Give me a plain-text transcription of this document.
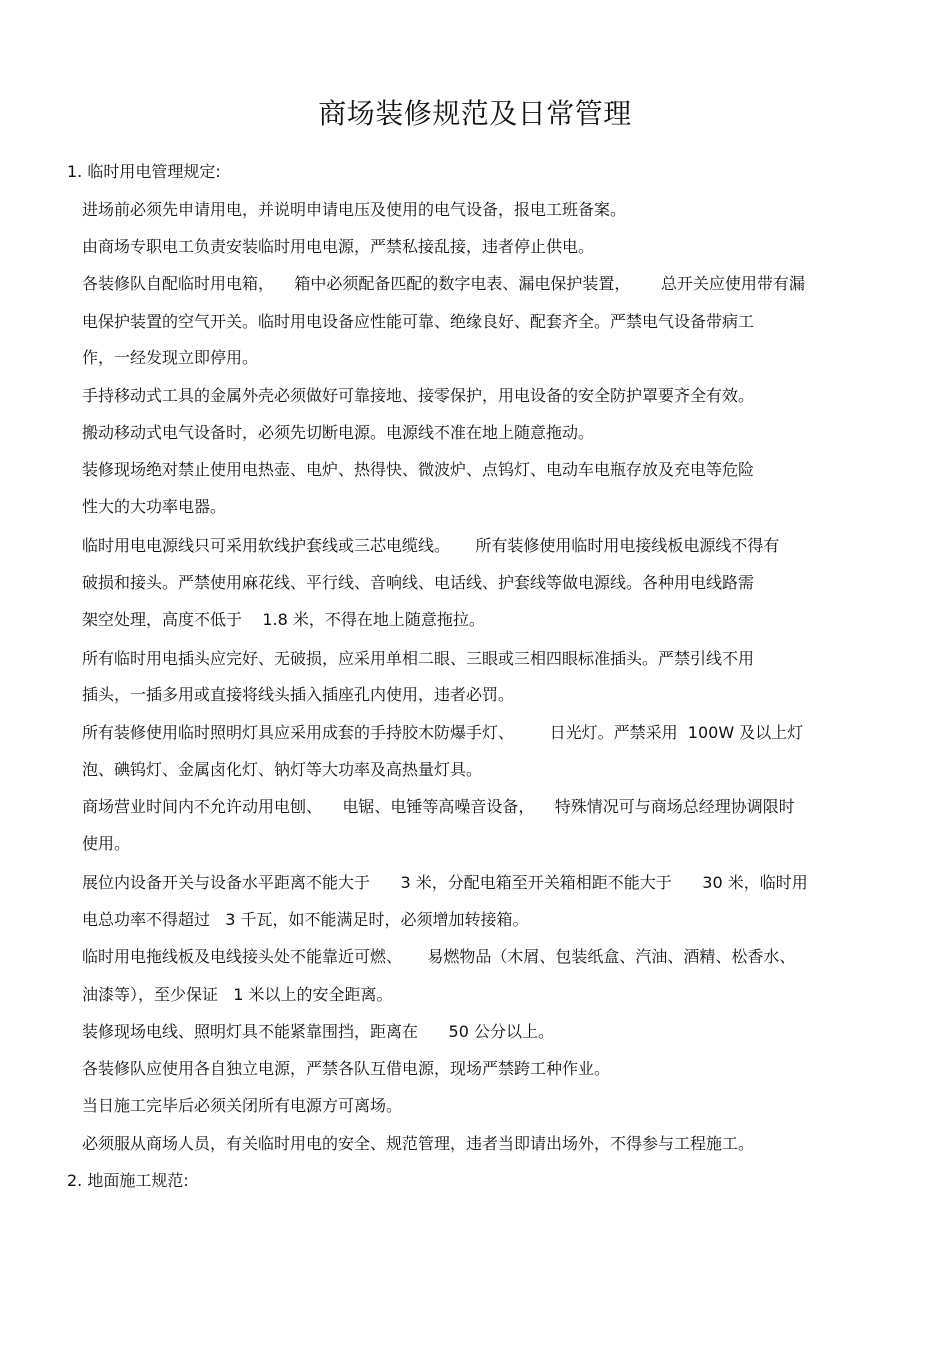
商场装修规范及日常管理

1. 临时用电管理规定:

进场前必须先申请用电，并说明申请电压及使用的电气设备，报电工班备案。

由商场专职电工负责安装临时用电电源，严禁私接乱接，违者停止供电。

各装修队自配临时用电箱，    箱中必须配备匹配的数字电表、漏电保护装置，      总开关应使用带有漏

电保护装置的空气开关。临时用电设备应性能可靠、绝缘良好、配套齐全。严禁电气设备带病工

作，一经发现立即停用。

手持移动式工具的金属外壳必须做好可靠接地、接零保护，用电设备的安全防护罩要齐全有效。

搬动移动式电气设备时，必须先切断电源。电源线不准在地上随意拖动。

装修现场绝对禁止使用电热壶、电炉、热得快、微波炉、点钨灯、电动车电瓶存放及充电等危险

性大的大功率电器。

临时用电电源线只可采用软线护套线或三芯电缆线。     所有装修使用临时用电接线板电源线不得有

破损和接头。严禁使用麻花线、平行线、音响线、电话线、护套线等做电源线。各种用电线路需

架空处理，高度不低于    1.8 米，不得在地上随意拖拉。

所有临时用电插头应完好、无破损，应采用单相二眼、三眼或三相四眼标准插头。严禁引线不用

插头，一插多用或直接将线头插入插座孔内使用，违者必罚。

所有装修使用临时照明灯具应采用成套的手持胶木防爆手灯、       日光灯。严禁采用  100W 及以上灯

泡、碘钨灯、金属卤化灯、钠灯等大功率及高热量灯具。

商场营业时间内不允许动用电刨、    电锯、电锤等高噪音设备，    特殊情况可与商场总经理协调限时

使用。

展位内设备开关与设备水平距离不能大于      3 米，分配电箱至开关箱相距不能大于      30 米，临时用

电总功率不得超过   3 千瓦，如不能满足时，必须增加转接箱。

临时用电拖线板及电线接头处不能靠近可燃、     易燃物品（木屑、包装纸盒、汽油、酒精、松香水、

油漆等），至少保证   1 米以上的安全距离。

装修现场电线、照明灯具不能紧靠围挡，距离在      50 公分以上。

各装修队应使用各自独立电源，严禁各队互借电源，现场严禁跨工种作业。

当日施工完毕后必须关闭所有电源方可离场。

必须服从商场人员，有关临时用电的安全、规范管理，违者当即请出场外，不得参与工程施工。

2. 地面施工规范:
